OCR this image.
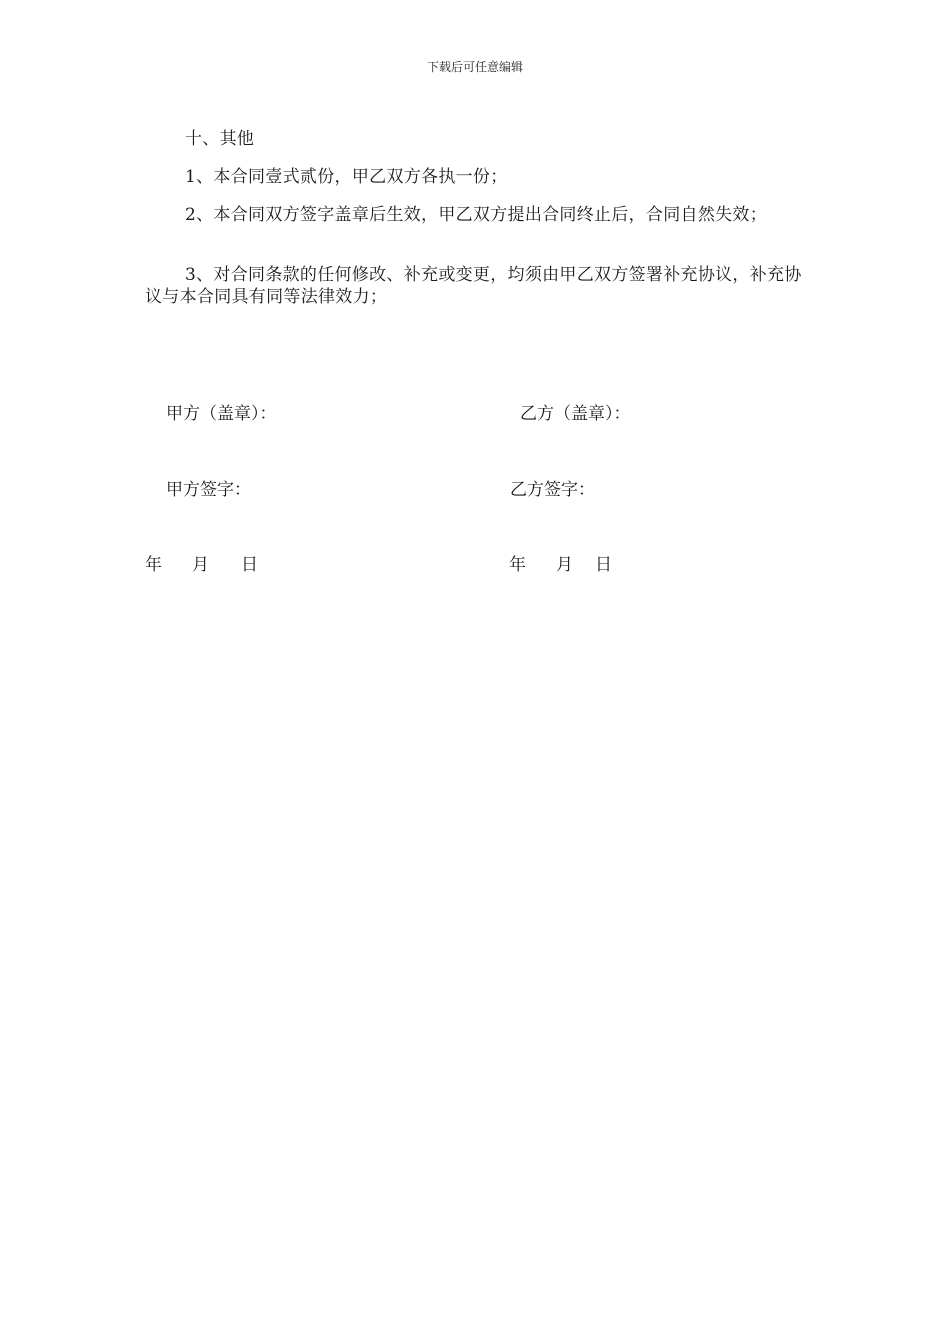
下载后可任意编辑

十、其他

1、本合同壹式贰份，甲乙双方各执一份；

2、本合同双方签字盖章后生效，甲乙双方提出合同终止后，合同自然失效；

3、对合同条款的任何修改、补充或变更，均须由甲乙双方签署补充协议，补充协议与本合同具有同等法律效力；

甲方（盖章）：	乙方（盖章）：
甲方签字：	乙方签字：
年 月 日	年 月 日
